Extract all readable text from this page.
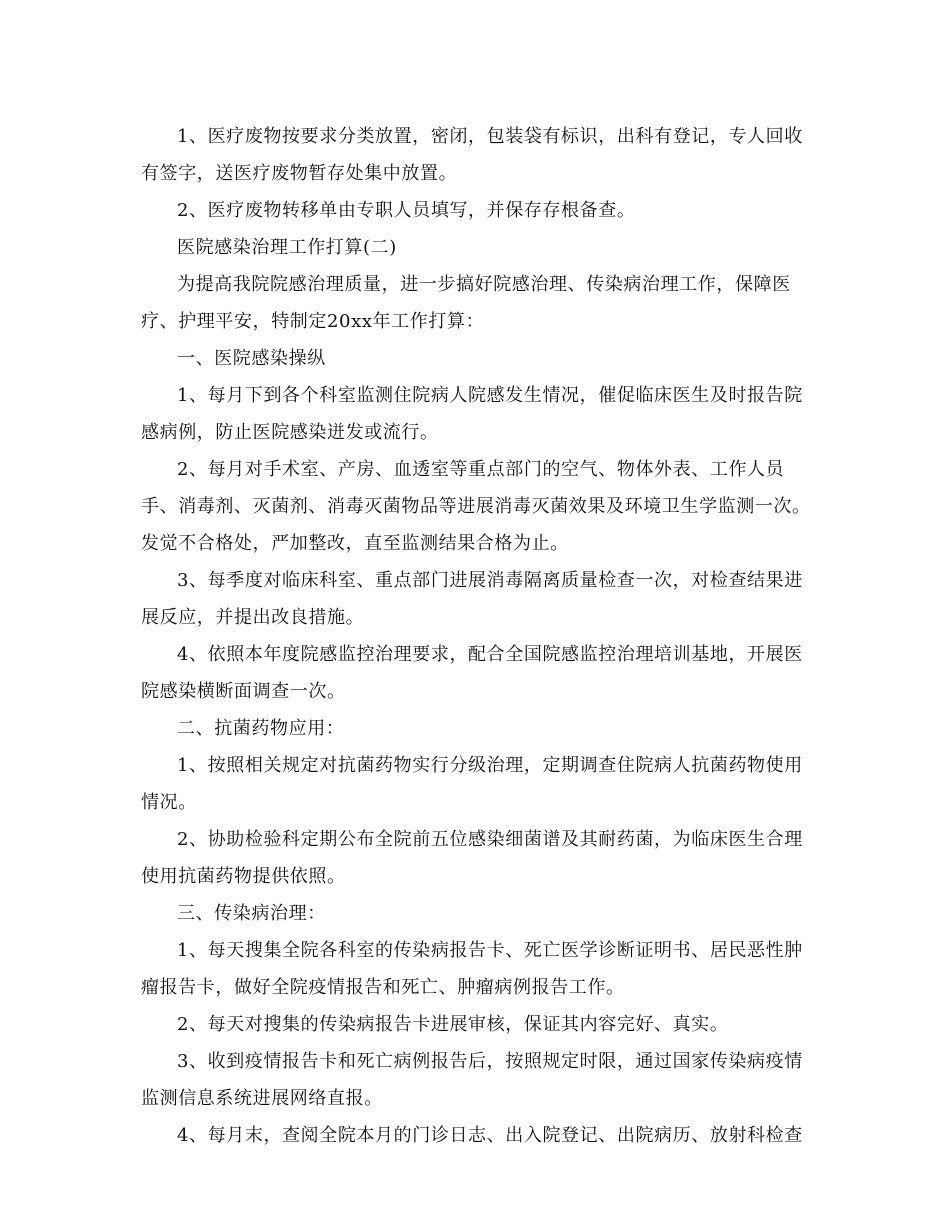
1、医疗废物按要求分类放置，密闭，包装袋有标识，出科有登记，专人回收有签字，送医疗废物暂存处集中放置。

2、医疗废物转移单由专职人员填写，并保存存根备查。

医院感染治理工作打算(二)

为提高我院院感治理质量，进一步搞好院感治理、传染病治理工作，保障医疗、护理平安，特制定20xx年工作打算：

一、医院感染操纵

1、每月下到各个科室监测住院病人院感发生情况，催促临床医生及时报告院感病例，防止医院感染迸发或流行。

2、每月对手术室、产房、血透室等重点部门的空气、物体外表、工作人员手、消毒剂、灭菌剂、消毒灭菌物品等进展消毒灭菌效果及环境卫生学监测一次。发觉不合格处，严加整改，直至监测结果合格为止。

3、每季度对临床科室、重点部门进展消毒隔离质量检查一次，对检查结果进展反应，并提出改良措施。

4、依照本年度院感监控治理要求，配合全国院感监控治理培训基地，开展医院感染横断面调查一次。

二、抗菌药物应用：

1、按照相关规定对抗菌药物实行分级治理，定期调查住院病人抗菌药物使用情况。

2、协助检验科定期公布全院前五位感染细菌谱及其耐药菌，为临床医生合理使用抗菌药物提供依照。

三、传染病治理：

1、每天搜集全院各科室的传染病报告卡、死亡医学诊断证明书、居民恶性肿瘤报告卡，做好全院疫情报告和死亡、肿瘤病例报告工作。

2、每天对搜集的传染病报告卡进展审核，保证其内容完好、真实。

3、收到疫情报告卡和死亡病例报告后，按照规定时限，通过国家传染病疫情监测信息系统进展网络直报。

4、每月末，查阅全院本月的门诊日志、出入院登记、出院病历、放射科检查
